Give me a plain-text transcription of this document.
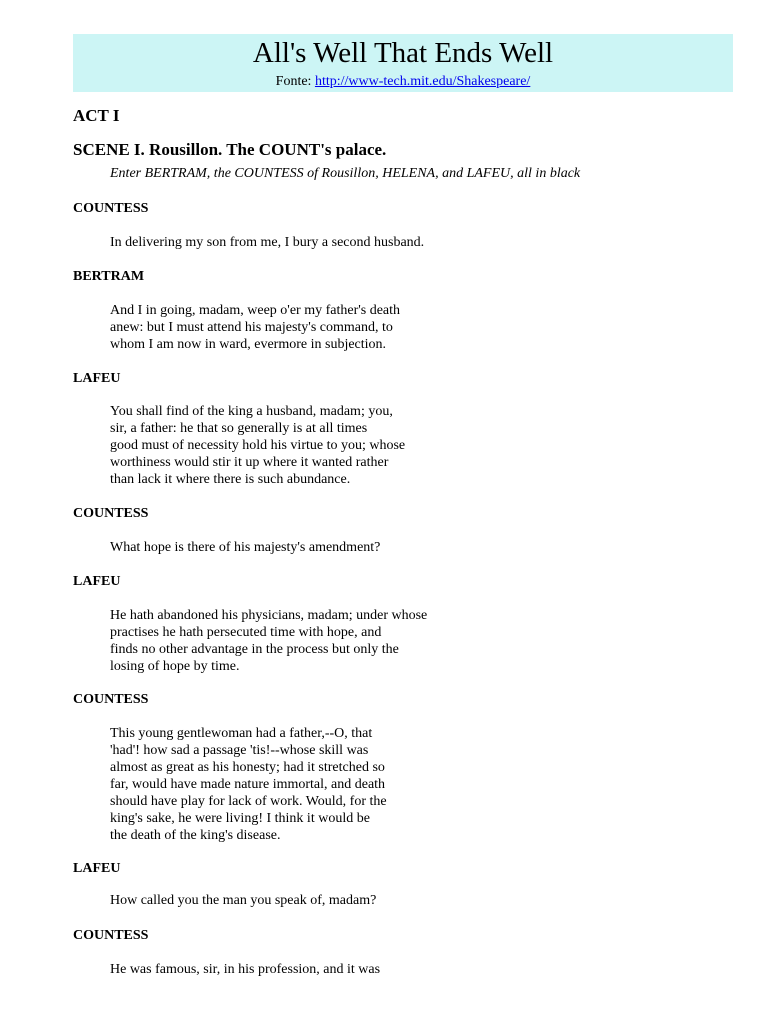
All's Well That Ends Well
Fonte: http://www-tech.mit.edu/Shakespeare/
ACT I
SCENE I. Rousillon. The COUNT's palace.
Enter BERTRAM, the COUNTESS of Rousillon, HELENA, and LAFEU, all in black
COUNTESS
In delivering my son from me, I bury a second husband.
BERTRAM
And I in going, madam, weep o'er my father's death
anew: but I must attend his majesty's command, to
whom I am now in ward, evermore in subjection.
LAFEU
You shall find of the king a husband, madam; you,
sir, a father: he that so generally is at all times
good must of necessity hold his virtue to you; whose
worthiness would stir it up where it wanted rather
than lack it where there is such abundance.
COUNTESS
What hope is there of his majesty's amendment?
LAFEU
He hath abandoned his physicians, madam; under whose
practises he hath persecuted time with hope, and
finds no other advantage in the process but only the
losing of hope by time.
COUNTESS
This young gentlewoman had a father,--O, that
'had'! how sad a passage 'tis!--whose skill was
almost as great as his honesty; had it stretched so
far, would have made nature immortal, and death
should have play for lack of work. Would, for the
king's sake, he were living! I think it would be
the death of the king's disease.
LAFEU
How called you the man you speak of, madam?
COUNTESS
He was famous, sir, in his profession, and it was
